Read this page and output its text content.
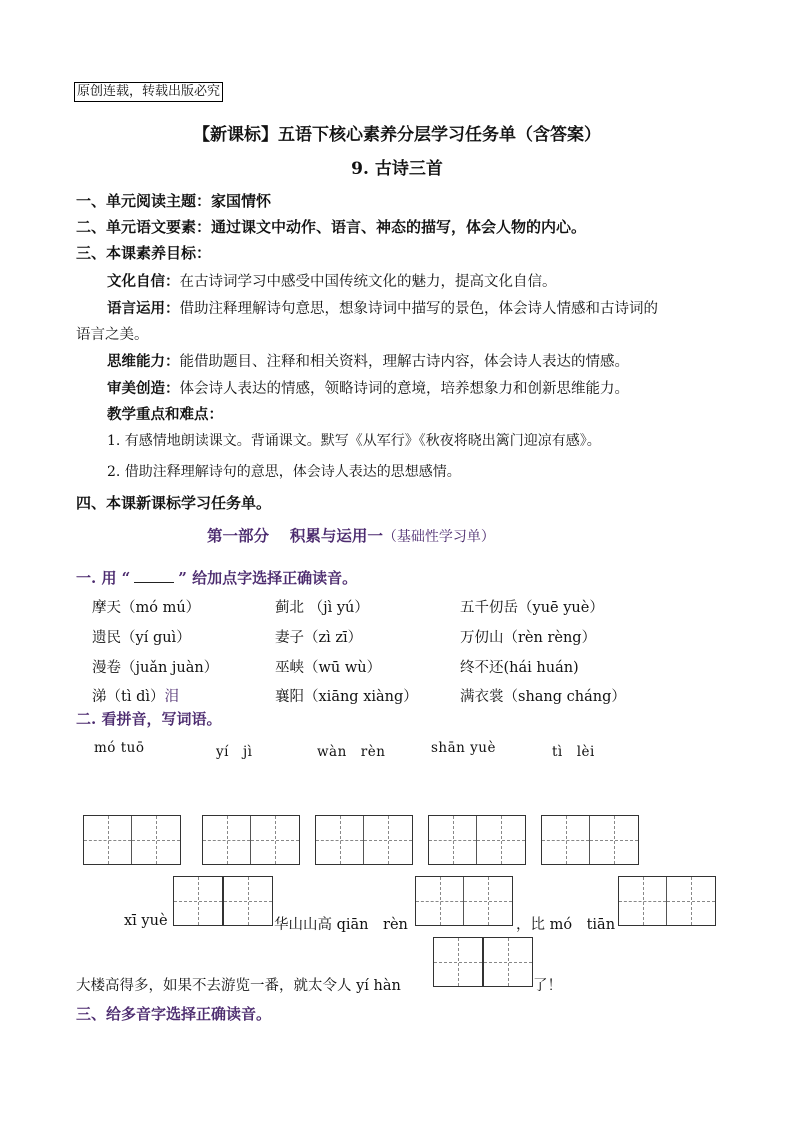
原创连载，转载出版必究
【新课标】五语下核心素养分层学习任务单（含答案）
9. 古诗三首
一、单元阅读主题：家国情怀
二、单元语文要素：通过课文中动作、语言、神态的描写，体会人物的内心。
三、本课素养目标：
文化自信：在古诗词学习中感受中国传统文化的魅力，提高文化自信。
语言运用：借助注释理解诗句意思，想象诗词中描写的景色，体会诗人情感和古诗词的
语言之美。
思维能力：能借助题目、注释和相关资料，理解古诗内容，体会诗人表达的情感。
审美创造：体会诗人表达的情感，领略诗词的意境，培养想象力和创新思维能力。
教学重点和难点：
1. 有感情地朗读课文。背诵课文。默写《从军行》《秋夜将晓出篱门迎凉有感》。
2. 借助注释理解诗句的意思，体会诗人表达的思想感情。
四、本课新课标学习任务单。
第一部分　 积累与运用一（基础性学习单）
一. 用 “	” 给加点字选择正确读音。
摩天（mó mú）	蓟北 （jì yú）	五千仞岳（yuē yuè）
遗民（yí guì）	妻子（zì zī）	万仞山（rèn rèng）
漫卷（juǎn juàn）	巫峡（wū wù）	终不还(hái huán)
涕（tì dì）泪	襄阳（xiāng xiàng）	满衣裳（shang cháng）
二. 看拼音，写词语。
mó tuō	yí　jì	wàn　rèn	shān yuè	tì　lèi
xī yuè	华山山高 qiān　rèn	，比 mó　tiān
大楼高得多，如果不去游览一番，就太令人 yí hàn	了！
三、给多音字选择正确读音。
